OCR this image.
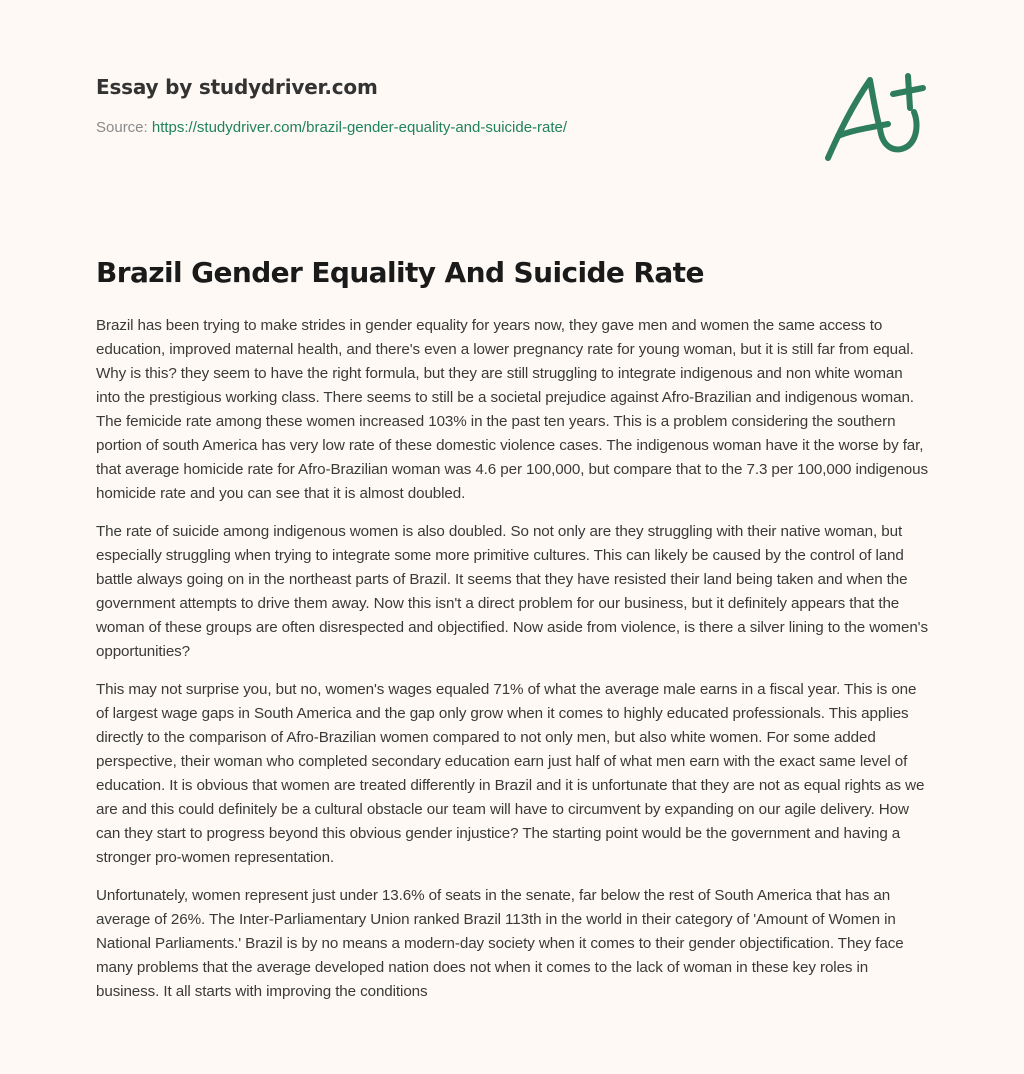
Essay by studydriver.com
Source: https://studydriver.com/brazil-gender-equality-and-suicide-rate/
Brazil Gender Equality And Suicide Rate

Brazil has been trying to make strides in gender equality for years now, they gave men and women the same access to education, improved maternal health, and there's even a lower pregnancy rate for young woman, but it is still far from equal. Why is this? they seem to have the right formula, but they are still struggling to integrate indigenous and non white woman into the prestigious working class. There seems to still be a societal prejudice against Afro-Brazilian and indigenous woman. The femicide rate among these women increased 103% in the past ten years. This is a problem considering the southern portion of south America has very low rate of these domestic violence cases. The indigenous woman have it the worse by far, that average homicide rate for Afro-Brazilian woman was 4.6 per 100,000, but compare that to the 7.3 per 100,000 indigenous homicide rate and you can see that it is almost doubled.

The rate of suicide among indigenous women is also doubled. So not only are they struggling with their native woman, but especially struggling when trying to integrate some more primitive cultures. This can likely be caused by the control of land battle always going on in the northeast parts of Brazil. It seems that they have resisted their land being taken and when the government attempts to drive them away. Now this isn't a direct problem for our business, but it definitely appears that the woman of these groups are often disrespected and objectified. Now aside from violence, is there a silver lining to the women's opportunities?

This may not surprise you, but no, women's wages equaled 71% of what the average male earns in a fiscal year. This is one of largest wage gaps in South America and the gap only grow when it comes to highly educated professionals. This applies directly to the comparison of Afro-Brazilian women compared to not only men, but also white women. For some added perspective, their woman who completed secondary education earn just half of what men earn with the exact same level of education. It is obvious that women are treated differently in Brazil and it is unfortunate that they are not as equal rights as we are and this could definitely be a cultural obstacle our team will have to circumvent by expanding on our agile delivery. How can they start to progress beyond this obvious gender injustice? The starting point would be the government and having a stronger pro-women representation.

Unfortunately, women represent just under 13.6% of seats in the senate, far below the rest of South America that has an average of 26%. The Inter-Parliamentary Union ranked Brazil 113th in the world in their category of 'Amount of Women in National Parliaments.' Brazil is by no means a modern-day society when it comes to their gender objectification. They face many problems that the average developed nation does not when it comes to the lack of woman in these key roles in business. It all starts with improving the conditions
